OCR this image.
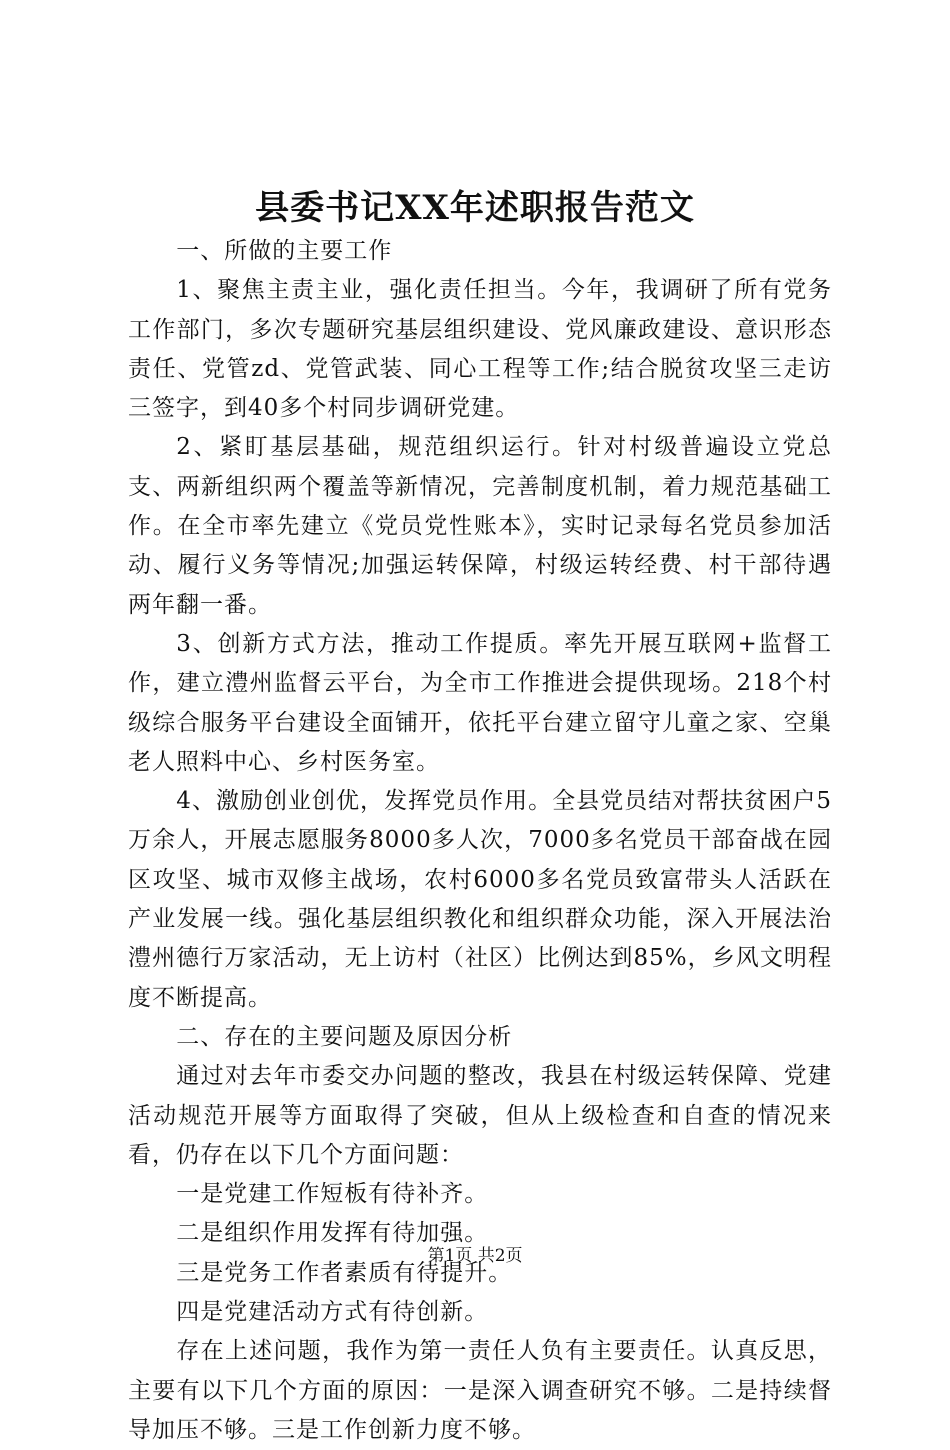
县委书记XX年述职报告范文

一、所做的主要工作

1、聚焦主责主业，强化责任担当。今年，我调研了所有党务工作部门，多次专题研究基层组织建设、党风廉政建设、意识形态责任、党管zd、党管武装、同心工程等工作;结合脱贫攻坚三走访三签字，到40多个村同步调研党建。

2、紧盯基层基础，规范组织运行。针对村级普遍设立党总支、两新组织两个覆盖等新情况，完善制度机制，着力规范基础工作。在全市率先建立《党员党性账本》，实时记录每名党员参加活动、履行义务等情况;加强运转保障，村级运转经费、村干部待遇两年翻一番。

3、创新方式方法，推动工作提质。率先开展互联网+监督工作，建立澧州监督云平台，为全市工作推进会提供现场。218个村级综合服务平台建设全面铺开，依托平台建立留守儿童之家、空巢老人照料中心、乡村医务室。

4、激励创业创优，发挥党员作用。全县党员结对帮扶贫困户5万余人，开展志愿服务8000多人次，7000多名党员干部奋战在园区攻坚、城市双修主战场，农村6000多名党员致富带头人活跃在产业发展一线。强化基层组织教化和组织群众功能，深入开展法治澧州德行万家活动，无上访村（社区）比例达到85%，乡风文明程度不断提高。

二、存在的主要问题及原因分析

通过对去年市委交办问题的整改，我县在村级运转保障、党建活动规范开展等方面取得了突破，但从上级检查和自查的情况来看，仍存在以下几个方面问题：

一是党建工作短板有待补齐。

二是组织作用发挥有待加强。

三是党务工作者素质有待提升。

四是党建活动方式有待创新。

存在上述问题，我作为第一责任人负有主要责任。认真反思，主要有以下几个方面的原因：一是深入调查研究不够。二是持续督导加压不够。三是工作创新力度不够。

第1页 共2页
